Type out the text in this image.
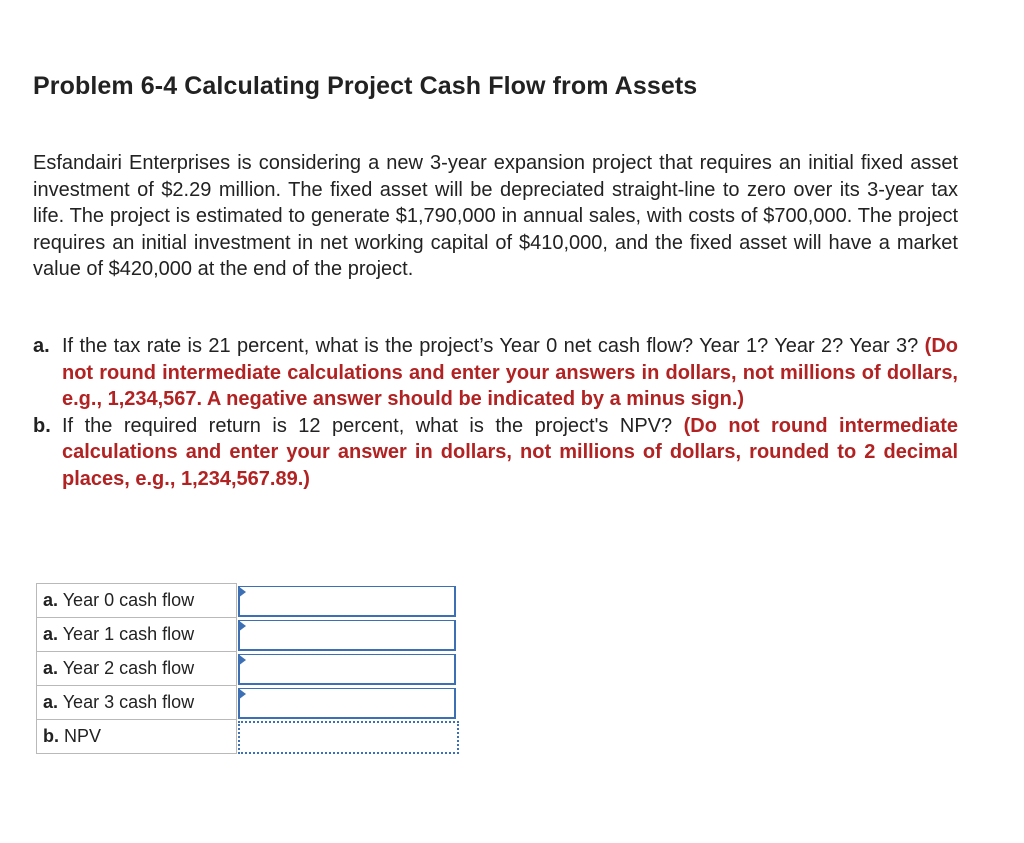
Problem 6-4 Calculating Project Cash Flow from Assets

Esfandairi Enterprises is considering a new 3-year expansion project that requires an initial fixed asset investment of $2.29 million. The fixed asset will be depreciated straight-line to zero over its 3-year tax life. The project is estimated to generate $1,790,000 in annual sales, with costs of $700,000. The project requires an initial investment in net working capital of $410,000, and the fixed asset will have a market value of $420,000 at the end of the project.

a. If the tax rate is 21 percent, what is the project’s Year 0 net cash flow? Year 1? Year 2? Year 3? (Do not round intermediate calculations and enter your answers in dollars, not millions of dollars, e.g., 1,234,567. A negative answer should be indicated by a minus sign.)
b. If the required return is 12 percent, what is the project's NPV? (Do not round intermediate calculations and enter your answer in dollars, not millions of dollars, rounded to 2 decimal places, e.g., 1,234,567.89.)
a. Year 0 cash flow	

a. Year 1 cash flow	

a. Year 2 cash flow	

a. Year 3 cash flow	

b. NPV	
